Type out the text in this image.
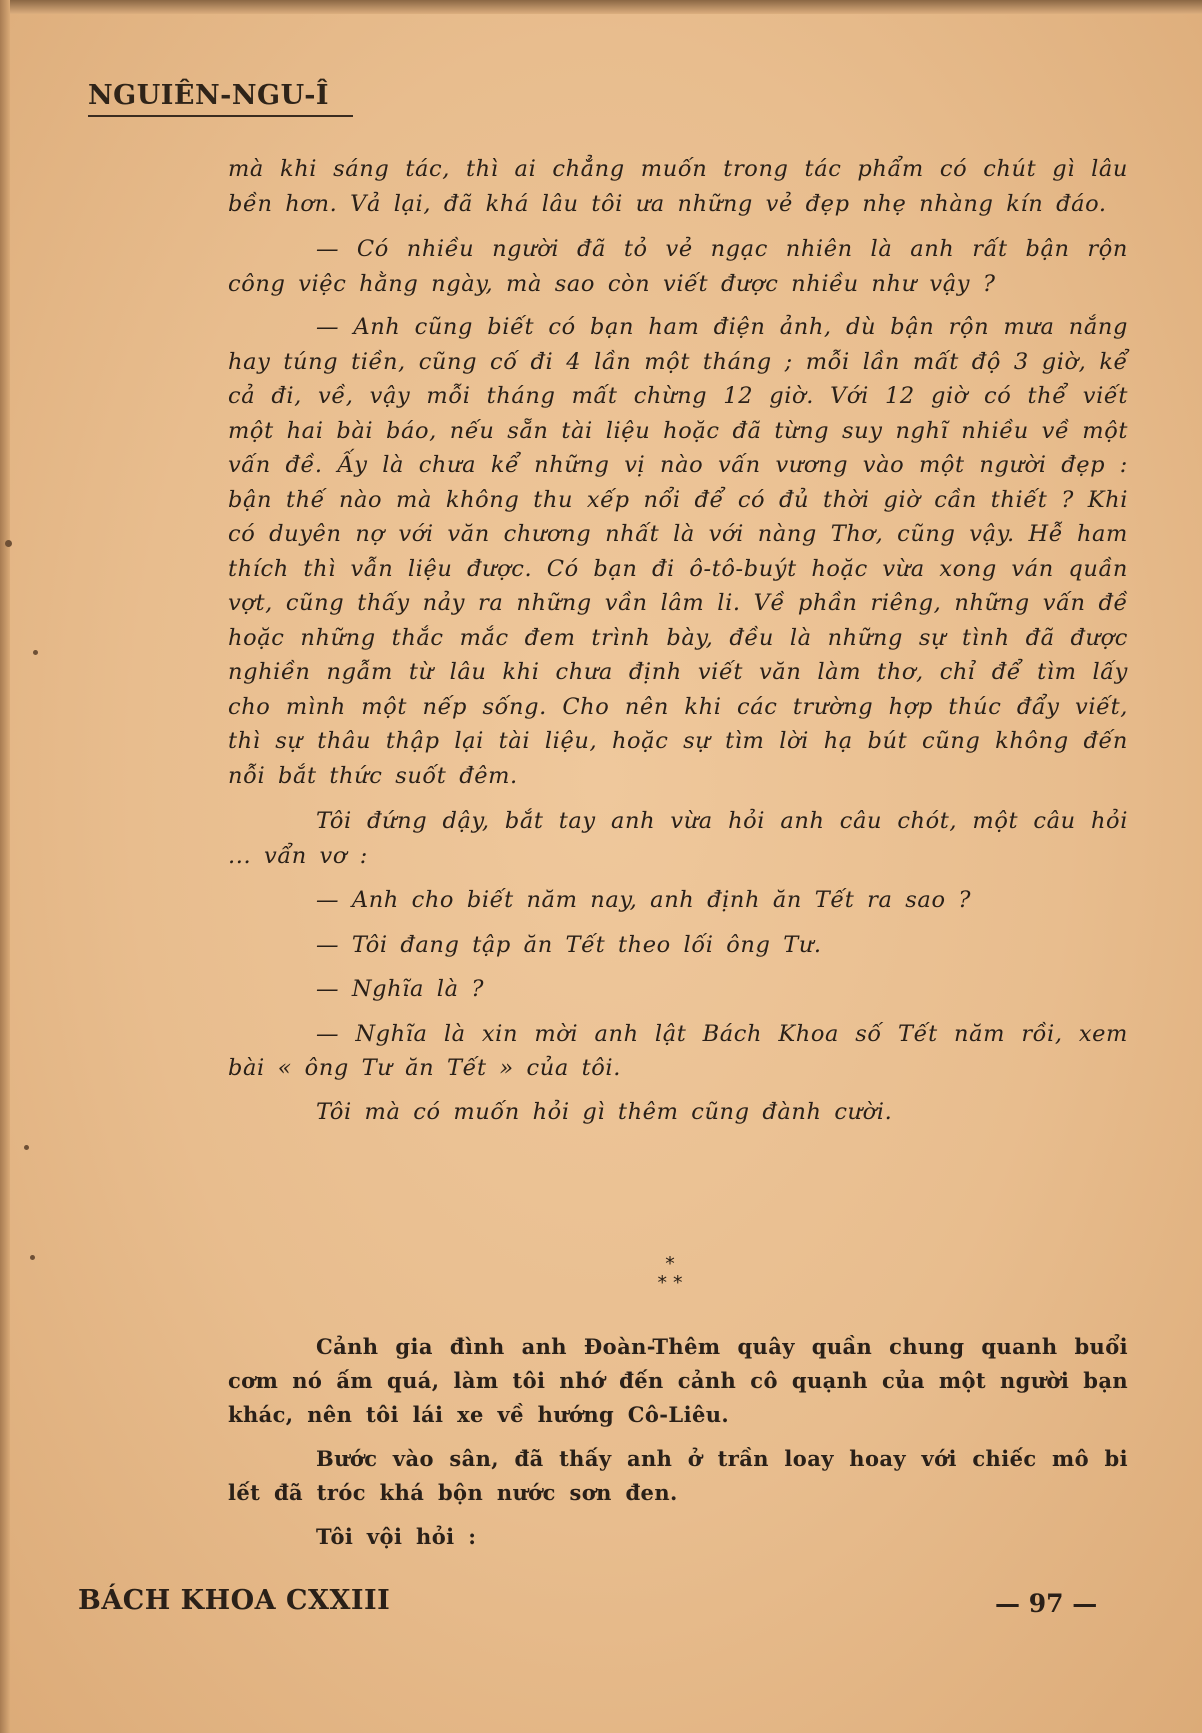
NGUIÊN-NGU-Î

mà khi sáng tác, thì ai chẳng muốn trong tác phẩm có chút gì lâu bền hơn. Vả lại, đã khá lâu tôi ưa những vẻ đẹp nhẹ nhàng kín đáo.

— Có nhiều người đã tỏ vẻ ngạc nhiên là anh rất bận rộn công việc hằng ngày, mà sao còn viết được nhiều như vậy ?

— Anh cũng biết có bạn ham điện ảnh, dù bận rộn mưa nắng hay túng tiền, cũng cố đi 4 lần một tháng ; mỗi lần mất độ 3 giờ, kể cả đi, về, vậy mỗi tháng mất chừng 12 giờ. Với 12 giờ có thể viết một hai bài báo, nếu sẵn tài liệu hoặc đã từng suy nghĩ nhiều về một vấn đề. Ấy là chưa kể những vị nào vấn vương vào một người đẹp : bận thế nào mà không thu xếp nổi để có đủ thời giờ cần thiết ? Khi có duyên nợ với văn chương nhất là với nàng Thơ, cũng vậy. Hễ ham thích thì vẫn liệu được. Có bạn đi ô-tô-buýt hoặc vừa xong ván quần vợt, cũng thấy nảy ra những vần lâm li. Về phần riêng, những vấn đề hoặc những thắc mắc đem trình bày, đều là những sự tình đã được nghiền ngẫm từ lâu khi chưa định viết văn làm thơ, chỉ để tìm lấy cho mình một nếp sống. Cho nên khi các trường hợp thúc đẩy viết, thì sự thâu thập lại tài liệu, hoặc sự tìm lời hạ bút cũng không đến nỗi bắt thức suốt đêm.

Tôi đứng dậy, bắt tay anh vừa hỏi anh câu chót, một câu hỏi ... vẩn vơ :

— Anh cho biết năm nay, anh định ăn Tết ra sao ?

— Tôi đang tập ăn Tết theo lối ông Tư.

— Nghĩa là ?

— Nghĩa là xin mời anh lật Bách Khoa số Tết năm rồi, xem bài « ông Tư ăn Tết » của tôi.

Tôi mà có muốn hỏi gì thêm cũng đành cười.

*
* *

Cảnh gia đình anh Đoàn-Thêm quây quần chung quanh buổi cơm nó ấm quá, làm tôi nhớ đến cảnh cô quạnh của một người bạn khác, nên tôi lái xe về hướng Cô-Liêu.

Bước vào sân, đã thấy anh ở trần loay hoay với chiếc mô bi lết đã tróc khá bộn nước sơn đen.

Tôi vội hỏi :

BÁCH KHOA CXXIII	— 97 —
